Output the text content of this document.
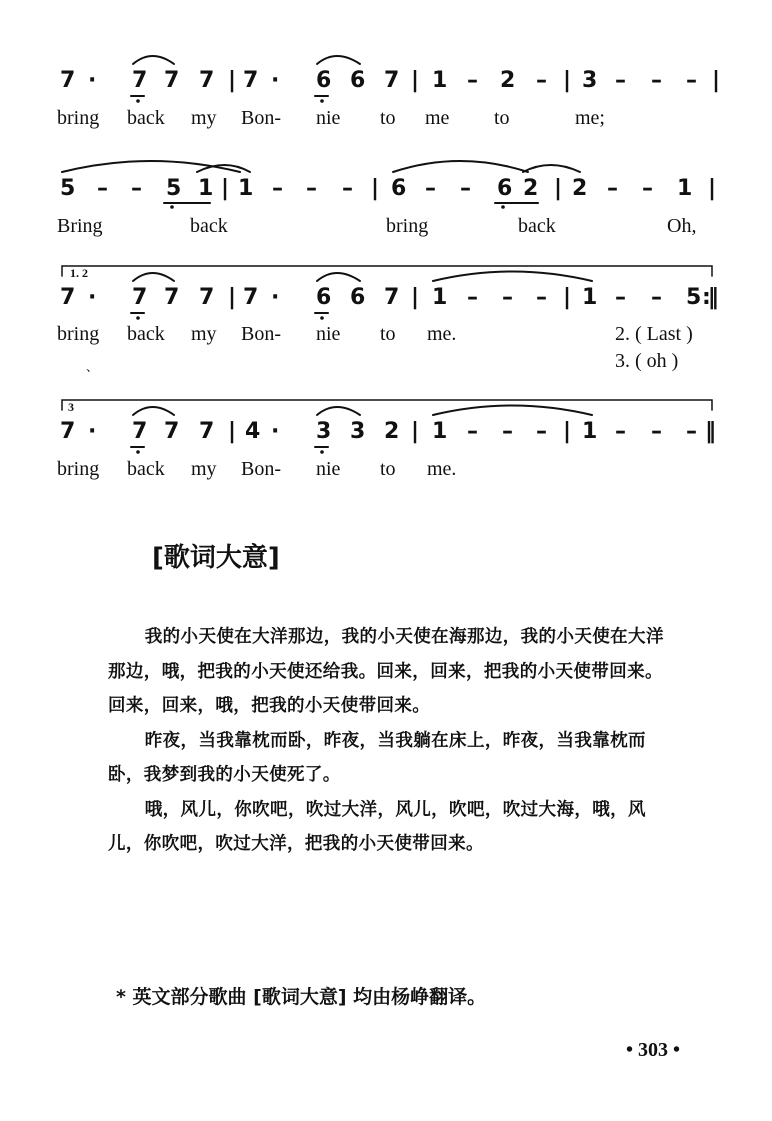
7 · 7 7 7 | 7 · 6 6 7 | 1 – 2 – | 3 – – – |
bring back my Bon- nie to me to	me;
5 – – 5 1 | 1 – – – | 6 – – 6 2 | 2 – – 1 |
Bring	back	bring	back	Oh,
1. 2
7 · 7 7 7 | 7 · 6 6 7 | 1 – – – | 1 – – 5 :‖
bring back my Bon- nie to me.	2. ( Last )
3. ( oh )
、
3
7 · 7 7 7 | 4 · 3 3 2 | 1 – – – | 1 – – – ‖
bring back my Bon- nie to me.
[歌词大意]

我的小天使在大洋那边，我的小天使在海那边，我的小天使在大洋那边，哦，把我的小天使还给我。回来，回来，把我的小天使带回来。回来，回来，哦，把我的小天使带回来。

昨夜，当我靠枕而卧，昨夜，当我躺在床上，昨夜，当我靠枕而卧，我梦到我的小天使死了。

哦，风儿，你吹吧，吹过大洋，风儿，吹吧，吹过大海，哦，风儿，你吹吧，吹过大洋，把我的小天使带回来。

* 英文部分歌曲 [歌词大意] 均由杨峥翻译。
• 303 •
